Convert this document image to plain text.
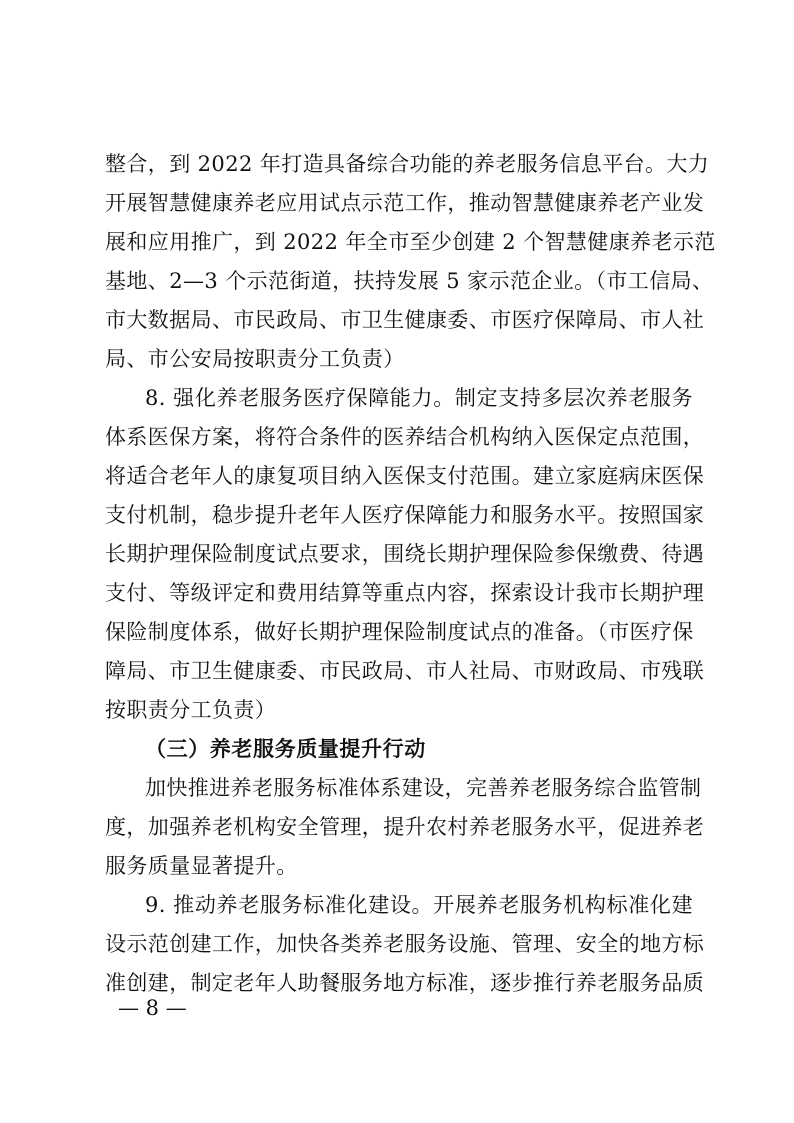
整合，到 2022 年打造具备综合功能的养老服务信息平台。大力
开展智慧健康养老应用试点示范工作，推动智慧健康养老产业发
展和应用推广，到 2022 年全市至少创建 2 个智慧健康养老示范
基地、2—3 个示范街道，扶持发展 5 家示范企业。（市工信局、
市大数据局、市民政局、市卫生健康委、市医疗保障局、市人社
局、市公安局按职责分工负责）
8. 强化养老服务医疗保障能力。制定支持多层次养老服务
体系医保方案，将符合条件的医养结合机构纳入医保定点范围，
将适合老年人的康复项目纳入医保支付范围。建立家庭病床医保
支付机制，稳步提升老年人医疗保障能力和服务水平。按照国家
长期护理保险制度试点要求，围绕长期护理保险参保缴费、待遇
支付、等级评定和费用结算等重点内容，探索设计我市长期护理
保险制度体系，做好长期护理保险制度试点的准备。（市医疗保
障局、市卫生健康委、市民政局、市人社局、市财政局、市残联
按职责分工负责）
（三）养老服务质量提升行动
加快推进养老服务标准体系建设，完善养老服务综合监管制
度，加强养老机构安全管理，提升农村养老服务水平，促进养老
服务质量显著提升。
9. 推动养老服务标准化建设。开展养老服务机构标准化建
设示范创建工作，加快各类养老服务设施、管理、安全的地方标
准创建，制定老年人助餐服务地方标准，逐步推行养老服务品质
— 8 —
